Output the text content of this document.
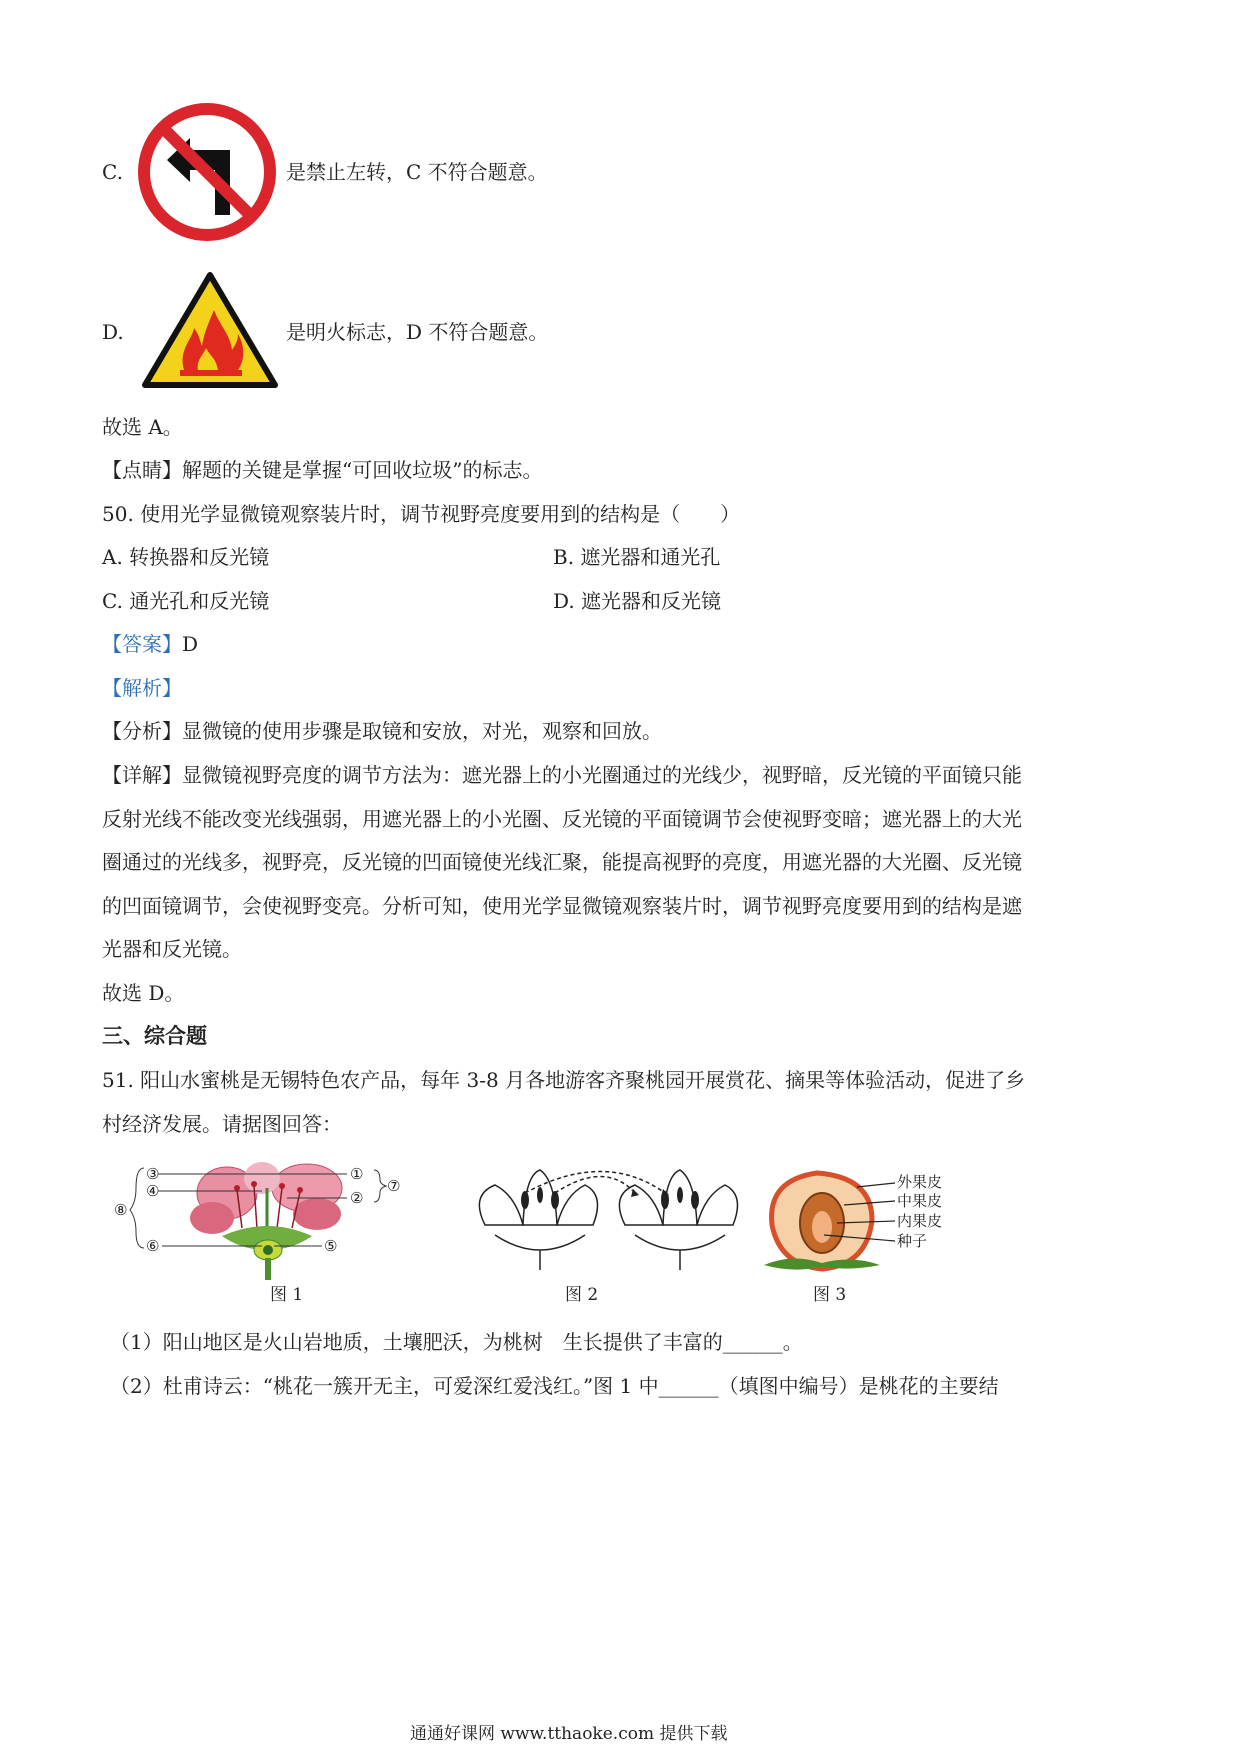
C.	是禁止左转，C 不符合题意。
D.	是明火标志，D 不符合题意。
故选 A。
【点睛】解题的关键是掌握“可回收垃圾”的标志。
50. 使用光学显微镜观察装片时，调节视野亮度要用到的结构是（　　）
A. 转换器和反光镜	B. 遮光器和通光孔
C. 通光孔和反光镜	D. 遮光器和反光镜
【答案】D
【解析】
【分析】显微镜的使用步骤是取镜和安放，对光，观察和回放。
【详解】显微镜视野亮度的调节方法为：遮光器上的小光圈通过的光线少，视野暗，反光镜的平面镜只能
反射光线不能改变光线强弱，用遮光器上的小光圈、反光镜的平面镜调节会使视野变暗；遮光器上的大光
圈通过的光线多，视野亮，反光镜的凹面镜使光线汇聚，能提高视野的亮度，用遮光器的大光圈、反光镜
的凹面镜调节，会使视野变亮。分析可知，使用光学显微镜观察装片时，调节视野亮度要用到的结构是遮
光器和反光镜。
故选 D。
三、综合题
51. 阳山水蜜桃是无锡特色农产品，每年 3-8 月各地游客齐聚桃园开展赏花、摘果等体验活动，促进了乡
村经济发展。请据图回答：
③
④
①
②
⑦
⑧
⑥	⑤
图 1	图 2
外果皮
中果皮
内果皮
种子
图 3
（1）阳山地区是火山岩地质，土壤肥沃，为桃树　生长提供了丰富的______。
（2）杜甫诗云：“桃花一簇开无主，可爱深红爱浅红。”图 1 中______（填图中编号）是桃花的主要结
通通好课网 www.tthaoke.com 提供下载
